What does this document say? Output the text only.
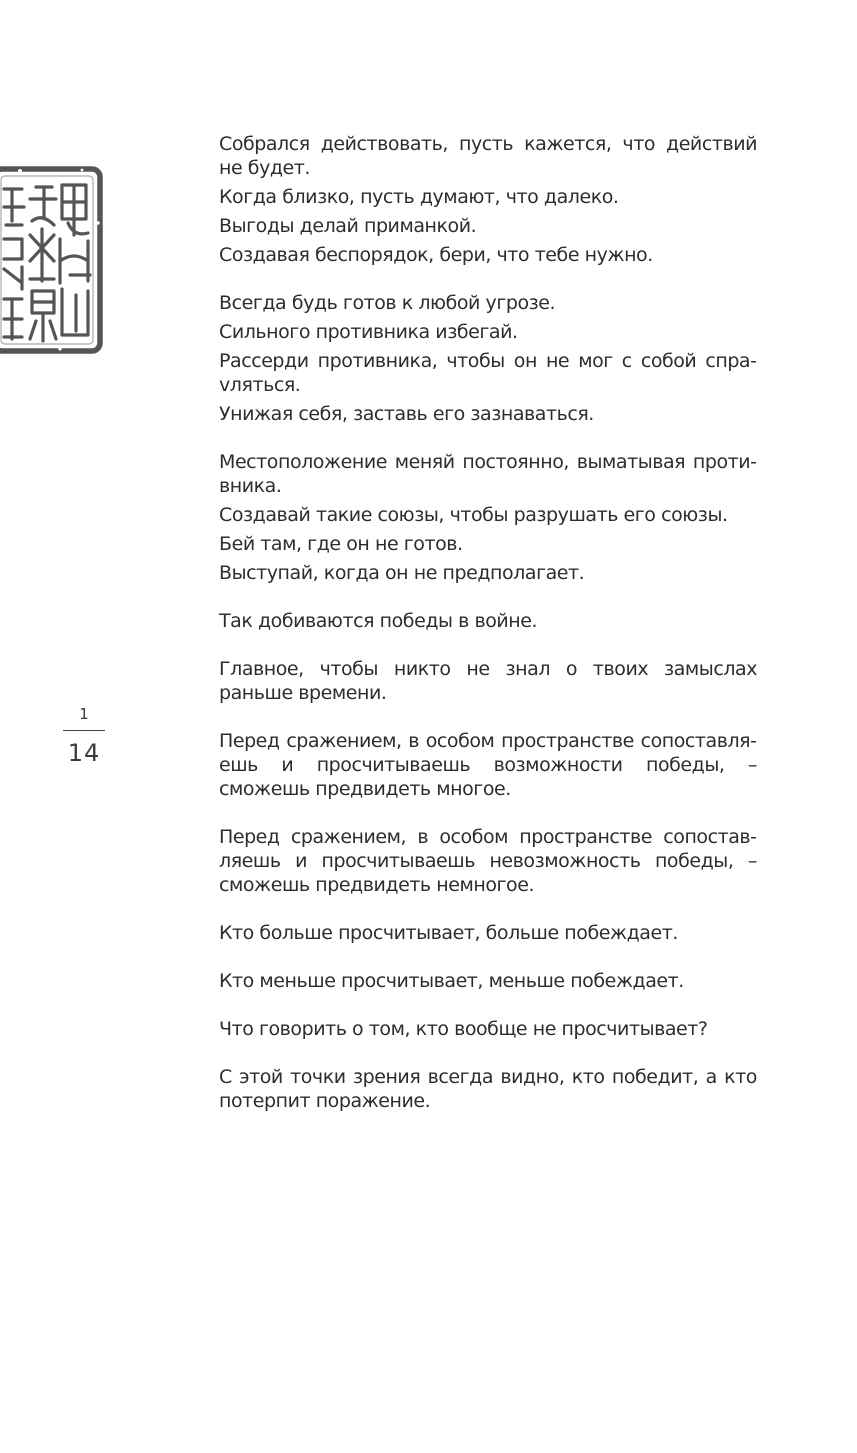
1
14

Собрался действовать, пусть кажется, что действий не будет.

Когда близко, пусть думают, что далеко.

Выгоды делай приманкой.

Создавая беспорядок, бери, что тебе нужно.

Всегда будь готов к любой угрозе.

Сильного противника избегай.

Рассерди противника, чтобы он не мог с собой спраvляться.

Унижая себя, заставь его зазнаваться.

Местоположение меняй постоянно, выматывая противника.

Создавай такие союзы, чтобы разрушать его союзы.

Бей там, где он не готов.

Выступай, когда он не предполагает.

Так добиваются победы в войне.

Главное, чтобы никто не знал о твоих замыслах раньше времени.

Перед сражением, в особом пространстве сопоставляешь и просчитываешь возможности победы, – сможешь предвидеть многое.

Перед сражением, в особом пространстве сопоставляешь и просчитываешь невозможность победы, – сможешь предвидеть немногое.

Кто больше просчитывает, больше побеждает.

Кто меньше просчитывает, меньше побеждает.

Что говорить о том, кто вообще не просчитывает?

С этой точки зрения всегда видно, кто победит, а кто потерпит поражение.
